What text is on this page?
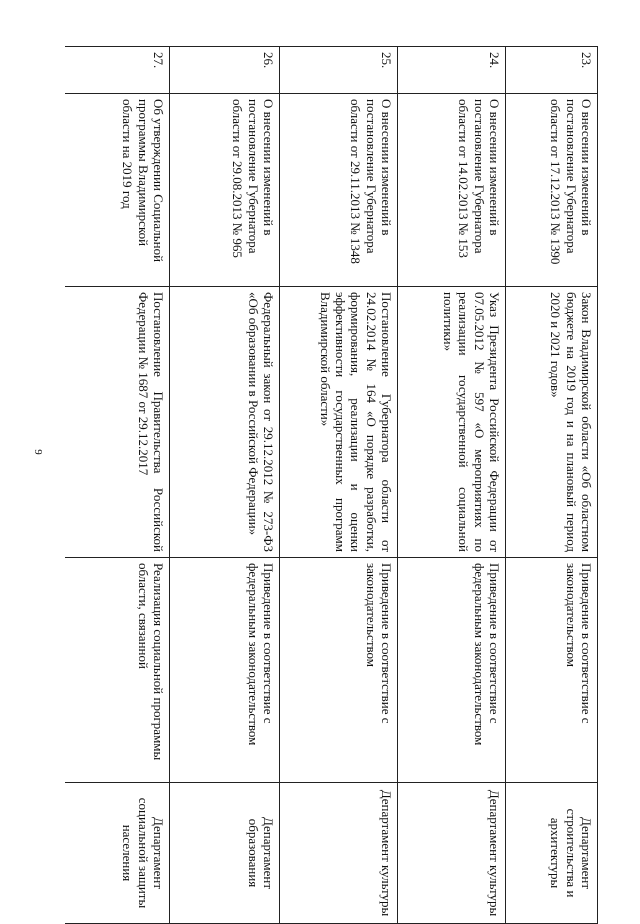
9
23.	О внесении изменений в постановление Губернатора области от 17.12.2013 № 1390	Закон Владимирской области «Об областном бюджете на 2019 год и на плановый период 2020 и 2021 годов»	Приведение в соответствие с законодательством	Департамент строительства и архитектуры
24.	О внесении изменений в постановление Губернатора области от 14.02.2013 № 153	Указ Президента Российской Федерации от 07.05.2012 № 597 «О мероприятиях по реализации государственной социальной политики»	Приведение в соответствие с федеральным законодательством	Департамент культуры
25.	О внесении изменений в постановление Губернатора области от 29.11.2013 № 1348	Постановление Губернатора области от 24.02.2014 № 164 «О порядке разработки, формирования, реализации и оценки эффективности государственных программ Владимирской области»	Приведение в соответствие с законодательством	Департамент культуры
26.	О внесении изменений в постановление Губернатора области от 29.08.2013 № 965	Федеральный закон от 29.12.2012 № 273-ФЗ «Об образовании в Российской Федерации»	Приведение в соответствие с федеральным законодательством	Департамент образования
27.	Об утверждении Социальной программы Владимирской области на 2019 год	Постановление Правительства Российской Федерации № 1687 от 29.12.2017	Реализация социальной программы области, связанной	Департамент социальной защиты населения
